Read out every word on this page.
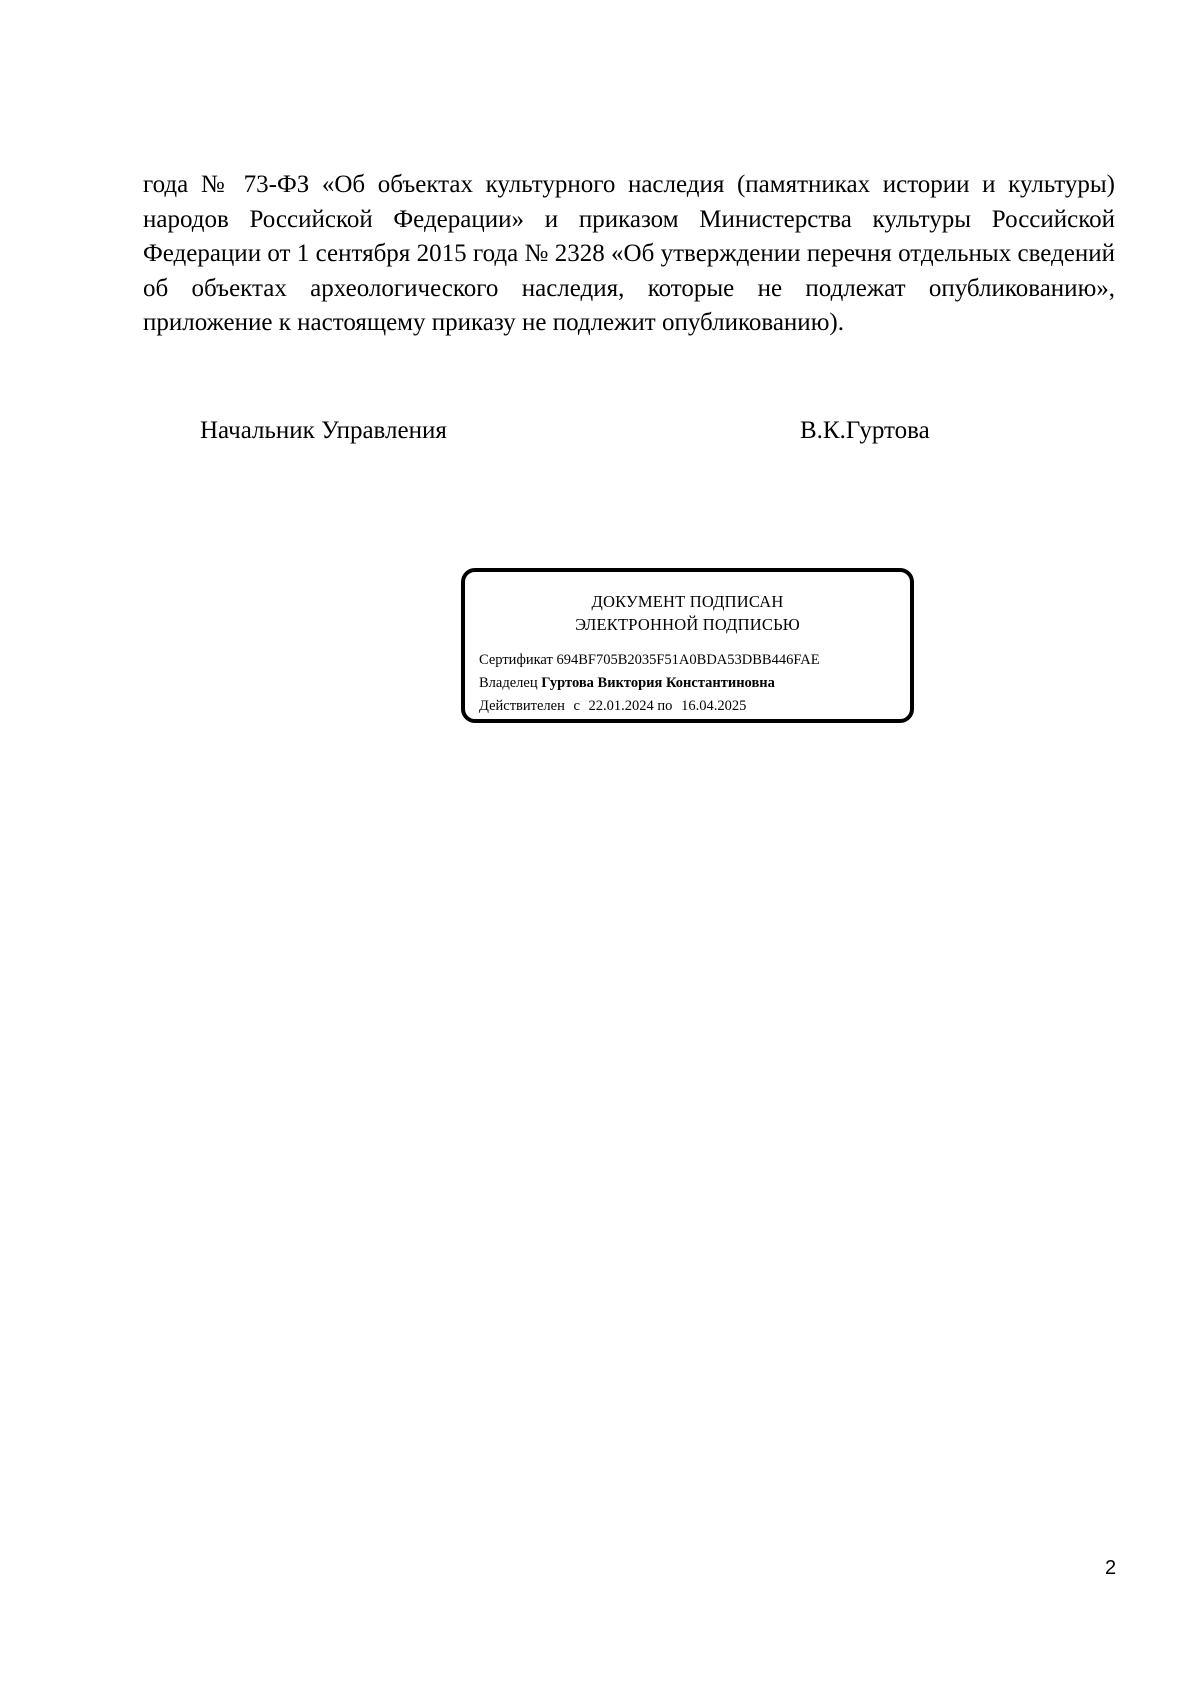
года № 73-ФЗ «Об объектах культурного наследия (памятниках истории и культуры) народов Российской Федерации» и приказом Министерства культуры Российской Федерации от 1 сентября 2015 года № 2328 «Об утверждении перечня отдельных сведений об объектах археологического наследия, которые не подлежат опубликованию», приложение к настоящему приказу не подлежит опубликованию).

Начальник Управления	В.К.Гуртова
ДОКУМЕНТ ПОДПИСАН
ЭЛЕКТРОННОЙ ПОДПИСЬЮ
Сертификат 694BF705B2035F51A0BDA53DBB446FAE
Владелец Гуртова Виктория Константиновна
Действителен с 22.01.2024 по 16.04.2025
2
